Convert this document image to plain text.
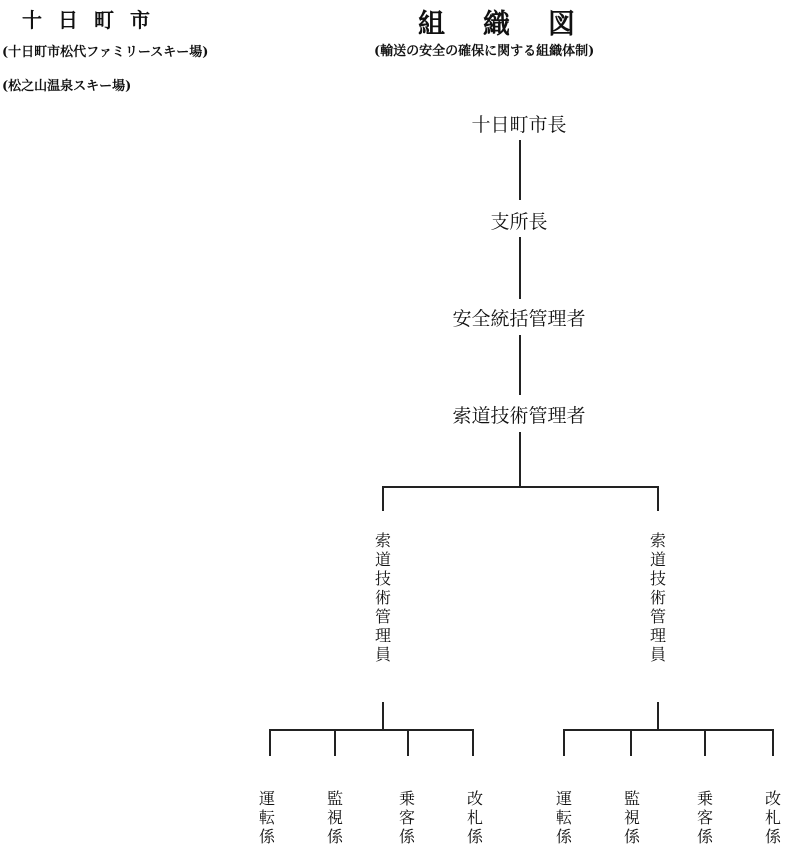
十日町市
(十日町市松代ファミリースキー場)
(松之山温泉スキー場)
組織図
(輸送の安全の確保に関する組織体制)
十日町市長
支所長
安全統括管理者
索道技術管理者
索道技術管理員	索道技術管理員
運転係	監視係	乗客係	改札係	運転係	監視係	乗客係	改札係
